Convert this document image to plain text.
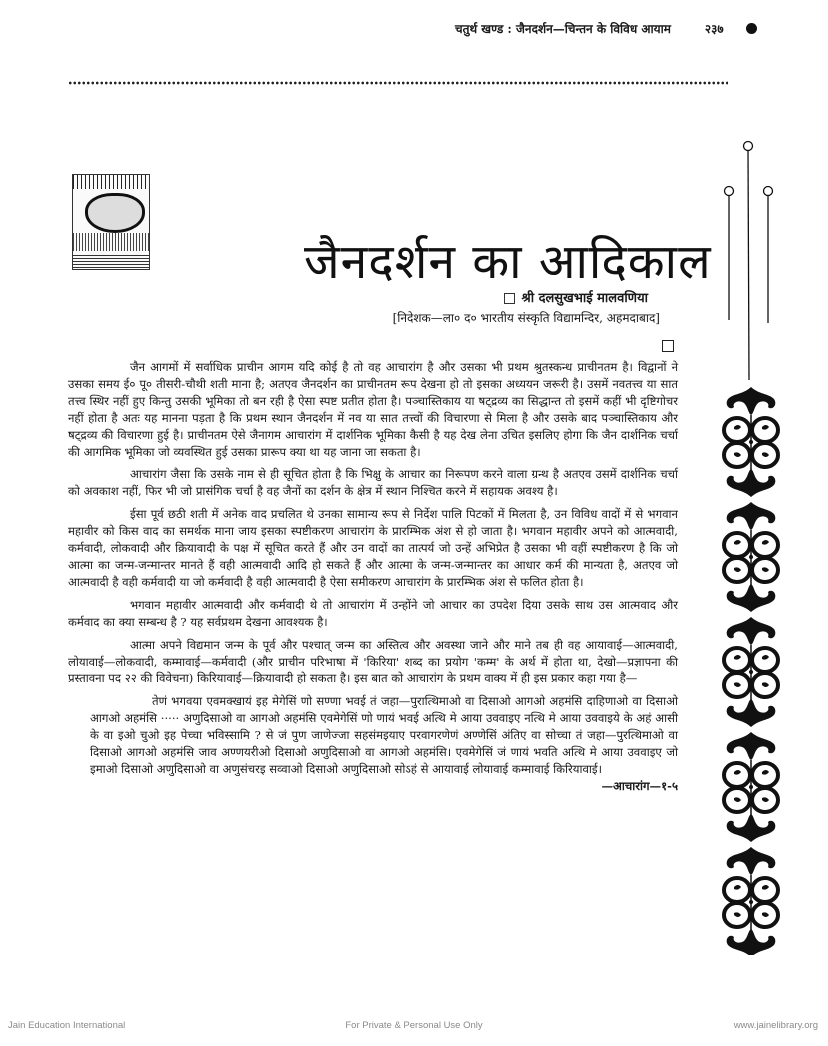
चतुर्थ खण्ड : जैनदर्शन—चिन्तन के विविध आयाम	२३७
जैनदर्शन का आदिकाल
श्री दलसुखभाई मालवणिया
[निदेशक—ला० द० भारतीय संस्कृति विद्यामन्दिर, अहमदाबाद]

जैन आगमों में सर्वाधिक प्राचीन आगम यदि कोई है तो वह आचारांग है और उसका भी प्रथम श्रुतस्कन्ध प्राचीनतम है। विद्वानों ने उसका समय ई० पू० तीसरी-चौथी शती माना है; अतएव जैनदर्शन का प्राचीनतम रूप देखना हो तो इसका अध्ययन जरूरी है। उसमें नवतत्त्व या सात तत्त्व स्थिर नहीं हुए किन्तु उसकी भूमिका तो बन रही है ऐसा स्पष्ट प्रतीत होता है। पञ्चास्तिकाय या षट्द्रव्य का सिद्धान्त तो इसमें कहीं भी दृष्टिगोचर नहीं होता है अतः यह मानना पड़ता है कि प्रथम स्थान जैनदर्शन में नव या सात तत्त्वों की विचारणा से मिला है और उसके बाद पञ्चास्तिकाय और षट्द्रव्य की विचारणा हुई है। प्राचीनतम ऐसे जैनागम आचारांग में दार्शनिक भूमिका कैसी है यह देख लेना उचित इसलिए होगा कि जैन दार्शनिक चर्चा की आगमिक भूमिका जो व्यवस्थित हुई उसका प्रारूप क्या था यह जाना जा सकता है।

आचारांग जैसा कि उसके नाम से ही सूचित होता है कि भिक्षु के आचार का निरूपण करने वाला ग्रन्थ है अतएव उसमें दार्शनिक चर्चा को अवकाश नहीं, फिर भी जो प्रासंगिक चर्चा है वह जैनों का दर्शन के क्षेत्र में स्थान निश्चित करने में सहायक अवश्य है।

ईसा पूर्व छठी शती में अनेक वाद प्रचलित थे उनका सामान्य रूप से निर्देश पालि पिटकों में मिलता है, उन विविध वादों में से भगवान महावीर को किस वाद का समर्थक माना जाय इसका स्पष्टीकरण आचारांग के प्रारम्भिक अंश से हो जाता है। भगवान महावीर अपने को आत्मवादी, कर्मवादी, लोकवादी और क्रियावादी के पक्ष में सूचित करते हैं और उन वादों का तात्पर्य जो उन्हें अभिप्रेत है उसका भी वहीं स्पष्टीकरण है कि जो आत्मा का जन्म-जन्मान्तर मानते हैं वही आत्मवादी आदि हो सकते हैं और आत्मा के जन्म-जन्मान्तर का आधार कर्म की मान्यता है, अतएव जो आत्मवादी है वही कर्मवादी या जो कर्मवादी है वही आत्मवादी है ऐसा समीकरण आचारांग के प्रारम्भिक अंश से फलित होता है।

भगवान महावीर आत्मवादी और कर्मवादी थे तो आचारांग में उन्होंने जो आचार का उपदेश दिया उसके साथ उस आत्मवाद और कर्मवाद का क्या सम्बन्ध है ? यह सर्वप्रथम देखना आवश्यक है।

आत्मा अपने विद्यमान जन्म के पूर्व और पश्चात् जन्म का अस्तित्व और अवस्था जाने और माने तब ही वह आयावाई—आत्मवादी, लोयावाई—लोकवादी, कम्मावाई—कर्मवादी (और प्राचीन परिभाषा में 'किरिया' शब्द का प्रयोग 'कम्म' के अर्थ में होता था, देखो—प्रज्ञापना की प्रस्तावना पद २२ की विवेचना) किरियावाई—क्रियावादी हो सकता है। इस बात को आचारांग के प्रथम वाक्य में ही इस प्रकार कहा गया है—

तेणं भगवया एवमक्खायं इह मेगेसिं णो सण्णा भवई तं जहा—पुरात्थिमाओ वा दिसाओ आगओ अहमंसि दाहिणाओ वा दिसाओ आगओ अहमंसि ····· अणुदिसाओ वा आगओ अहमंसि एवमेगेसिं णो णायं भवई अत्थि मे आया उववाइए नत्थि मे आया उववाइये के अहं आसी के वा इओ चुओ इह पेच्चा भविस्सामि ? से जं पुण जाणेज्जा सहसंमइयाए परवागरणेणं अण्णेसिं अंतिए वा सोच्चा तं जहा—पुरत्थिमाओ वा दिसाओ आगओ अहमंसि जाव अण्णयरीओ दिसाओ अणुदिसाओ वा आगओ अहमंसि। एवमेगेसिं जं णायं भवति अत्थि मे आया उववाइए जो इमाओ दिसाओ अणुदिसाओ वा अणुसंचरइ सव्वाओ दिसाओ अणुदिसाओ सोऽहं से आयावाई लोयावाई कम्मावाई किरियावाई।

—आचारांग—१-५
Jain Education International	For Private & Personal Use Only	www.jainelibrary.org
